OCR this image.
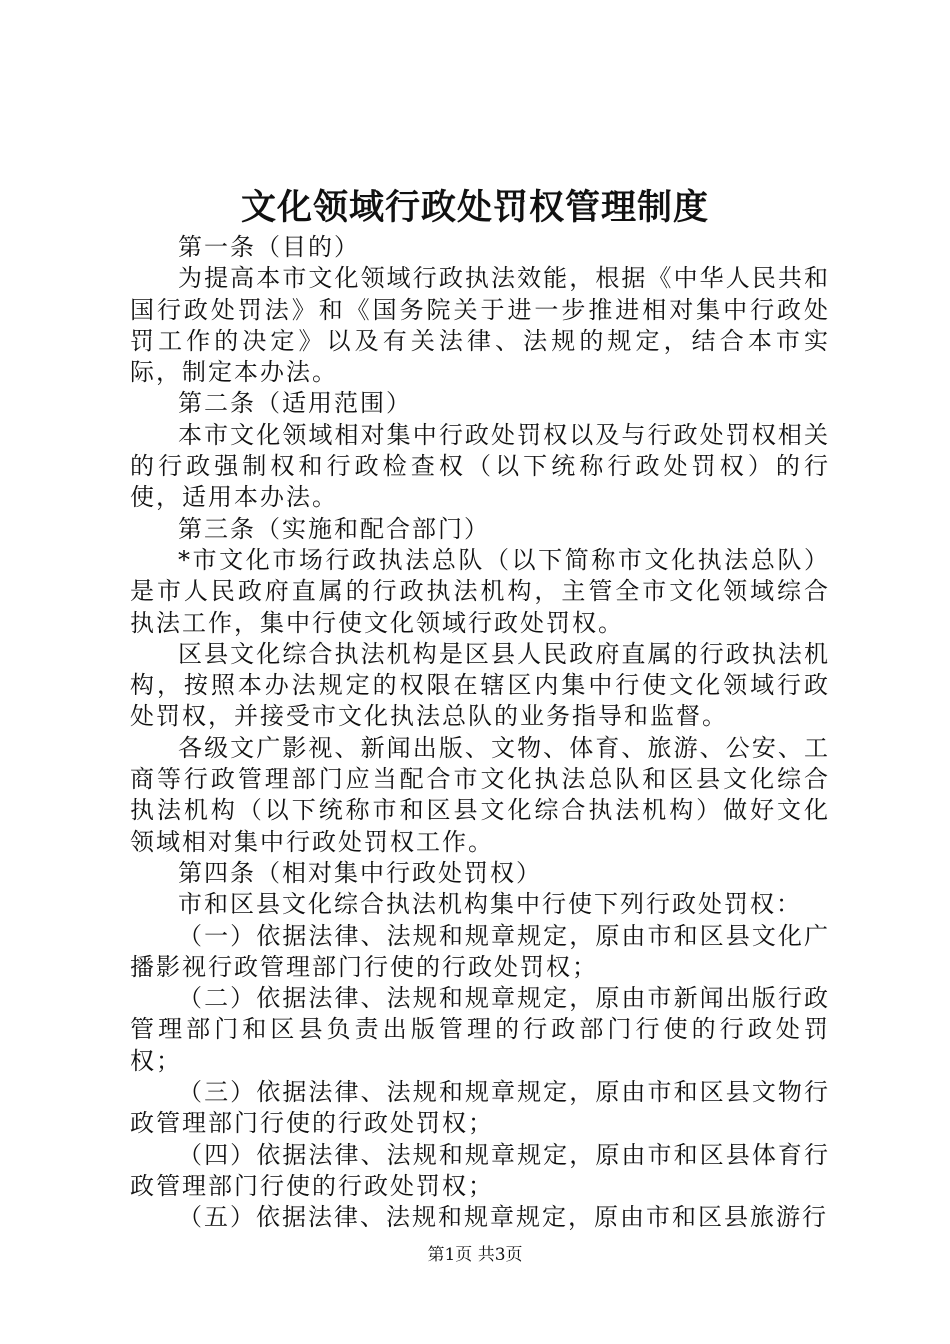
文化领域行政处罚权管理制度

第一条（目的）

为提高本市文化领域行政执法效能，根据《中华人民共和国行政处罚法》和《国务院关于进一步推进相对集中行政处罚工作的决定》以及有关法律、法规的规定，结合本市实际，制定本办法。

第二条（适用范围）

本市文化领域相对集中行政处罚权以及与行政处罚权相关的行政强制权和行政检查权（以下统称行政处罚权）的行使，适用本办法。

第三条（实施和配合部门）

*市文化市场行政执法总队（以下简称市文化执法总队）是市人民政府直属的行政执法机构，主管全市文化领域综合执法工作，集中行使文化领域行政处罚权。

区县文化综合执法机构是区县人民政府直属的行政执法机构，按照本办法规定的权限在辖区内集中行使文化领域行政处罚权，并接受市文化执法总队的业务指导和监督。

各级文广影视、新闻出版、文物、体育、旅游、公安、工商等行政管理部门应当配合市文化执法总队和区县文化综合执法机构（以下统称市和区县文化综合执法机构）做好文化领域相对集中行政处罚权工作。

第四条（相对集中行政处罚权）

市和区县文化综合执法机构集中行使下列行政处罚权：

（一）依据法律、法规和规章规定，原由市和区县文化广播影视行政管理部门行使的行政处罚权；

（二）依据法律、法规和规章规定，原由市新闻出版行政管理部门和区县负责出版管理的行政部门行使的行政处罚权；

（三）依据法律、法规和规章规定，原由市和区县文物行政管理部门行使的行政处罚权；

（四）依据法律、法规和规章规定，原由市和区县体育行政管理部门行使的行政处罚权；

（五）依据法律、法规和规章规定，原由市和区县旅游行

第1页 共3页
